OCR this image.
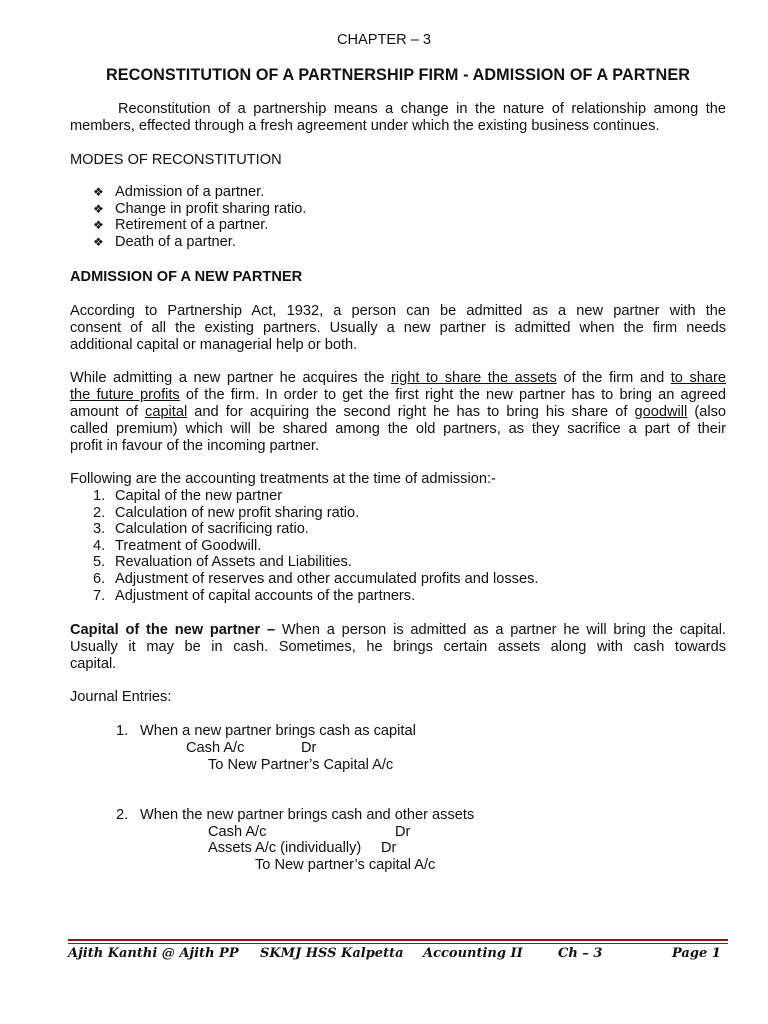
CHAPTER – 3
RECONSTITUTION OF A PARTNERSHIP FIRM - ADMISSION OF A PARTNER
Reconstitution of a partnership means a change in the nature of relationship among the
members, effected through a fresh agreement under which the existing business continues.
MODES OF RECONSTITUTION
❖ Admission of a partner.
❖ Change in profit sharing ratio.
❖ Retirement of a partner.
❖ Death of a partner.
ADMISSION OF A NEW PARTNER
According to Partnership Act, 1932, a person can be admitted as a new partner with the
consent of all the existing partners. Usually a new partner is admitted when the firm needs
additional capital or managerial help or both.
While admitting a new partner he acquires the right to share the assets of the firm and to share
the future profits of the firm. In order to get the first right the new partner has to bring an agreed
amount of capital and for acquiring the second right he has to bring his share of goodwill (also
called premium) which will be shared among the old partners, as they sacrifice a part of their
profit in favour of the incoming partner.
Following are the accounting treatments at the time of admission:-
1. Capital of the new partner
2. Calculation of new profit sharing ratio.
3. Calculation of sacrificing ratio.
4. Treatment of Goodwill.
5. Revaluation of Assets and Liabilities.
6. Adjustment of reserves and other accumulated profits and losses.
7. Adjustment of capital accounts of the partners.
Capital of the new partner – When a person is admitted as a partner he will bring the capital.
Usually it may be in cash. Sometimes, he brings certain assets along with cash towards
capital.
Journal Entries:
1. When a new partner brings cash as capital
Cash A/c	Dr
To New Partner’s Capital A/c
2. When the new partner brings cash and other assets
Cash A/c	Dr
Assets A/c (individually) Dr
To New partner’s capital A/c
Ajith Kanthi @ Ajith PP SKMJ HSS Kalpetta Accounting II	Ch – 3	Page 1
